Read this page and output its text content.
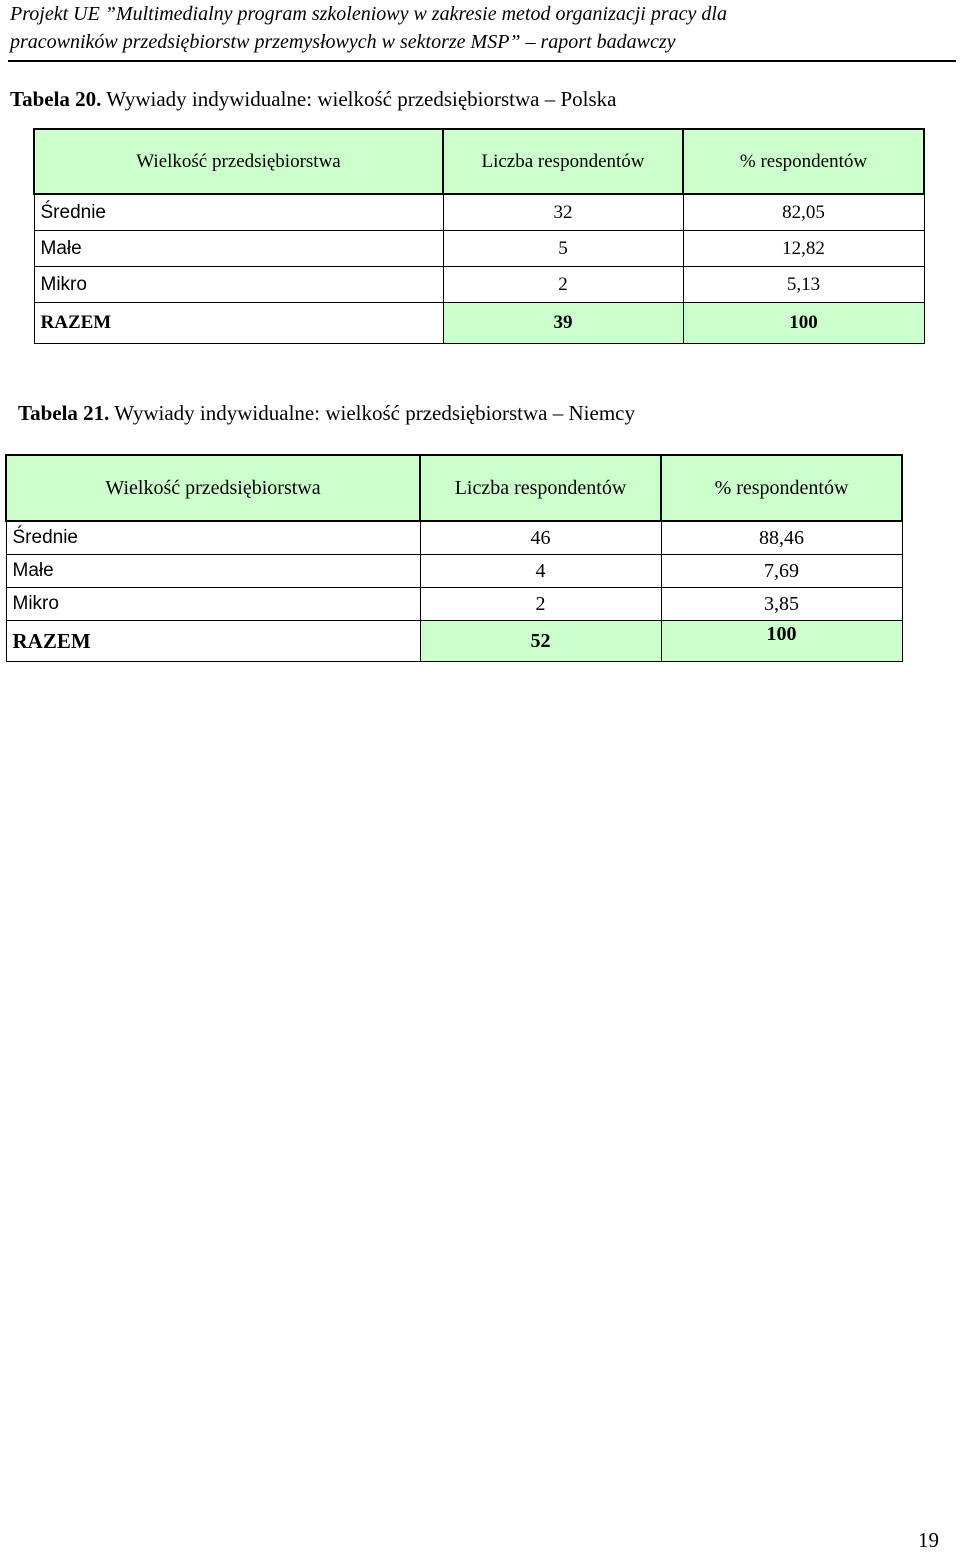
Projekt UE ”Multimedialny program szkoleniowy w zakresie metod organizacji pracy dla
pracowników przedsiębiorstw przemysłowych w sektorze MSP” – raport badawczy
Tabela 20. Wywiady indywidualne: wielkość przedsiębiorstwa – Polska
Wielkość przedsiębiorstwa	Liczba respondentów	% respondentów
Średnie	32	82,05
Małe	5	12,82
Mikro	2	5,13
RAZEM	39	100
Tabela 21. Wywiady indywidualne: wielkość przedsiębiorstwa – Niemcy
Wielkość przedsiębiorstwa	Liczba respondentów	% respondentów
Średnie	46	88,46
Małe	4	7,69
Mikro	2	3,85
RAZEM	52	100
19
